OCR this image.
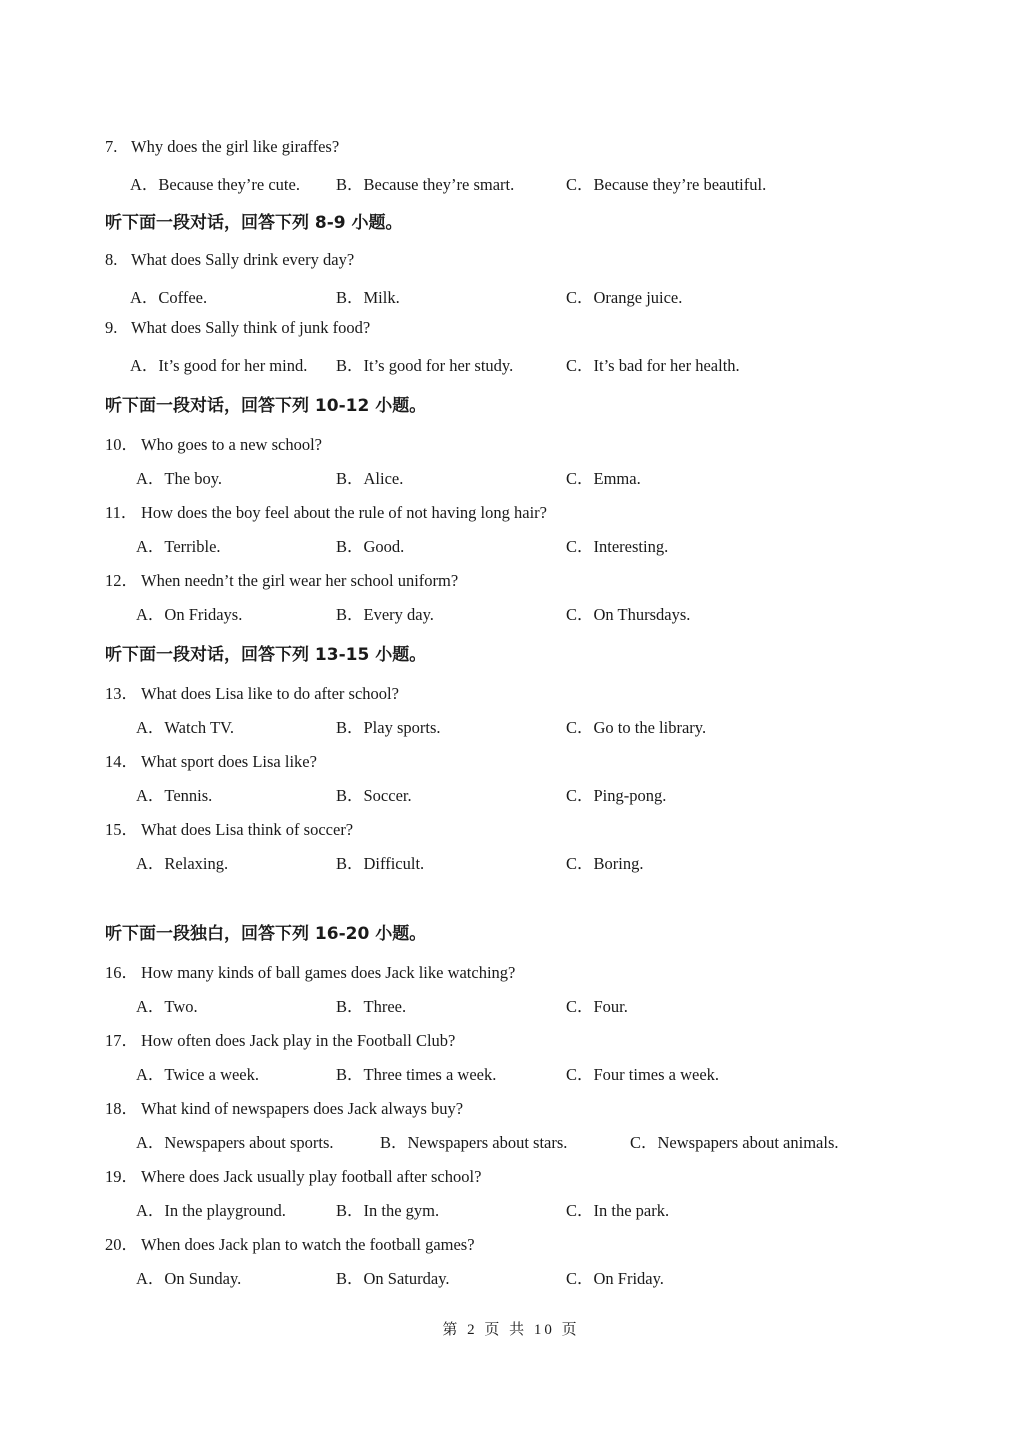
7. Why does the girl like giraffes?
A．Because they’re cute. B．Because they’re smart.	C．Because they’re beautiful.
听下面一段对话，回答下列 8-9 小题。
8. What does Sally drink every day?
A．Coffee.	B．Milk.	C．Orange juice.
9. What does Sally think of junk food?
A．It’s good for her mind. B．It’s good for her study.	C．It’s bad for her health.
听下面一段对话，回答下列 10-12 小题。
10． Who goes to a new school?
A．The boy.	B．Alice.	C．Emma.
11． How does the boy feel about the rule of not having long hair?
A．Terrible.	B．Good.	C．Interesting.
12． When needn’t the girl wear her school uniform?
A．On Fridays.	B．Every day.	C．On Thursdays.
听下面一段对话，回答下列 13-15 小题。
13． What does Lisa like to do after school?
A．Watch TV.	B．Play sports.	C．Go to the library.
14． What sport does Lisa like?
A．Tennis.	B．Soccer.	C．Ping-pong.
15． What does Lisa think of soccer?
A．Relaxing.	B．Difficult.	C．Boring.
听下面一段独白，回答下列 16-20 小题。
16． How many kinds of ball games does Jack like watching?
A．Two.	B．Three.	C．Four.
17． How often does Jack play in the Football Club?
A．Twice a week.	B．Three times a week.	C．Four times a week.
18． What kind of newspapers does Jack always buy?
A．Newspapers about sports.	B．Newspapers about stars.	C．Newspapers about animals.
19． Where does Jack usually play football after school?
A．In the playground.	B．In the gym.	C．In the park.
20． When does Jack plan to watch the football games?
A．On Sunday.	B．On Saturday.	C．On Friday.
第 2 页 共 10 页
